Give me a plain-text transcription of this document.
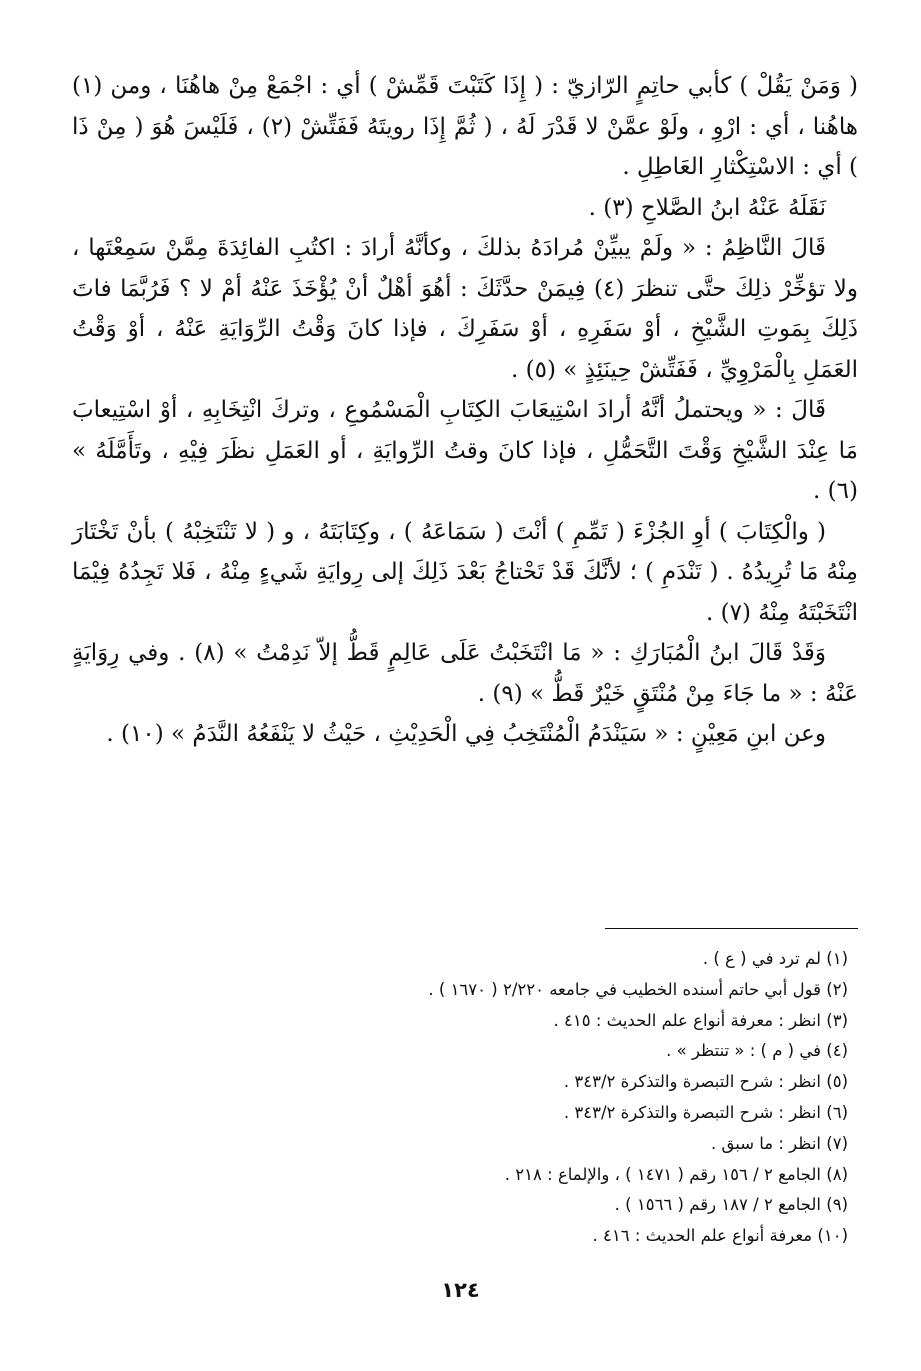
( وَمَنْ يَقُلْ ) كأبي حاتِمٍ الرّازيّ : ( إِذَا كَتَبْتَ قَمِّشْ ) أي : اجْمَعْ مِنْ هاهُنَا ، ومن (١) هاهُنا ، أي : ارْوِ ، ولَوْ عمَّنْ لا قَدْرَ لَهُ ، ( ثُمَّ إِذَا رويتَهُ فَفَتِّشْ (٢) ، فَلَيْسَ هُوَ ( مِنْ ذَا ) أي : الاسْتِكْثارِ العَاطِلِ .

نَقَلَهُ عَنْهُ ابنُ الصَّلاحِ (٣) .

قَالَ النَّاظِمُ : « ولَمْ يبيِّنْ مُرادَهُ بذلكَ ، وكأنَّهُ أرادَ : اكتُبِ الفائِدَةَ مِمَّنْ سَمِعْتَها ، ولا تؤخِّرْ ذلِكَ حتَّى تنظرَ (٤) فِيمَنْ حدَّثَكَ : أهُوَ أهْلٌ أنْ يُؤْخَذَ عَنْهُ أمْ لا ؟ فَرُبَّمَا فاتَ ذَلِكَ بِمَوتِ الشَّيْخِ ، أوْ سَفَرِهِ ، أوْ سَفَرِكَ ، فإذا كانَ وَقْتُ الرِّوَايَةِ عَنْهُ ، أوْ وَقْتُ العَمَلِ بِالْمَرْوِيِّ ، فَفَتِّشْ حِينَئِذٍ » (٥) .

قَالَ : « ويحتملُ أنَّهُ أرادَ اسْتِيعَابَ الكِتَابِ الْمَسْمُوعِ ، وتركَ انْتِخَابِهِ ، أوْ اسْتِيعابَ مَا عِنْدَ الشَّيْخِ وَقْتَ التَّحَمُّلِ ، فإذا كانَ وقتُ الرِّوايَةِ ، أو العَمَلِ نظَرَ فِيْهِ ، وتَأَمَّلَهُ » (٦) .

( والْكِتَابَ ) أوِ الجُزْءَ ( تَمِّمِ ) أنْتَ ( سَمَاعَهُ ) ، وكِتَابَتَهُ ، و ( لا تَنْتَخِبْهُ ) بأنْ تَخْتَارَ مِنْهُ مَا تُرِيدُهُ . ( تَنْدَمِ ) ؛ لأنَّكَ قَدْ تَحْتاجُ بَعْدَ ذَلِكَ إلى رِوايَةِ شَيءٍ مِنْهُ ، فَلا تَجِدُهُ فِيْمَا انْتَخَبْتَهُ مِنْهُ (٧) .

وَقَدْ قَالَ ابنُ الْمُبَارَكِ : « مَا انْتَخَبْتُ عَلَى عَالِمٍ قَطُّ إلاّ نَدِمْتُ » (٨) . وفي رِوَايَةٍ عَنْهُ : « ما جَاءَ مِنْ مُنْتَقٍ خَيْرٌ قَطُّ » (٩) .

وعن ابنِ مَعِيْنٍ : « سَيَنْدَمُ الْمُنْتَخِبُ فِي الْحَدِيْثِ ، حَيْثُ لا يَنْفَعُهُ النَّدَمُ » (١٠) .

(١) لم ترد في ( ع ) .
(٢) قول أبي حاتم أسنده الخطيب في جامعه ٢/٢٢٠ ( ١٦٧٠ ) .
(٣) انظر : معرفة أنواع علم الحديث : ٤١٥ .
(٤) في ( م ) : « تنتظر » .
(٥) انظر : شرح التبصرة والتذكرة ٣٤٣/٢ .
(٦) انظر : شرح التبصرة والتذكرة ٣٤٣/٢ .
(٧) انظر : ما سبق .
(٨) الجامع ٢ / ١٥٦ رقم ( ١٤٧١ ) ، والإلماع : ٢١٨ .
(٩) الجامع ٢ / ١٨٧ رقم ( ١٥٦٦ ) .
(١٠) معرفة أنواع علم الحديث : ٤١٦ .
١٢٤
